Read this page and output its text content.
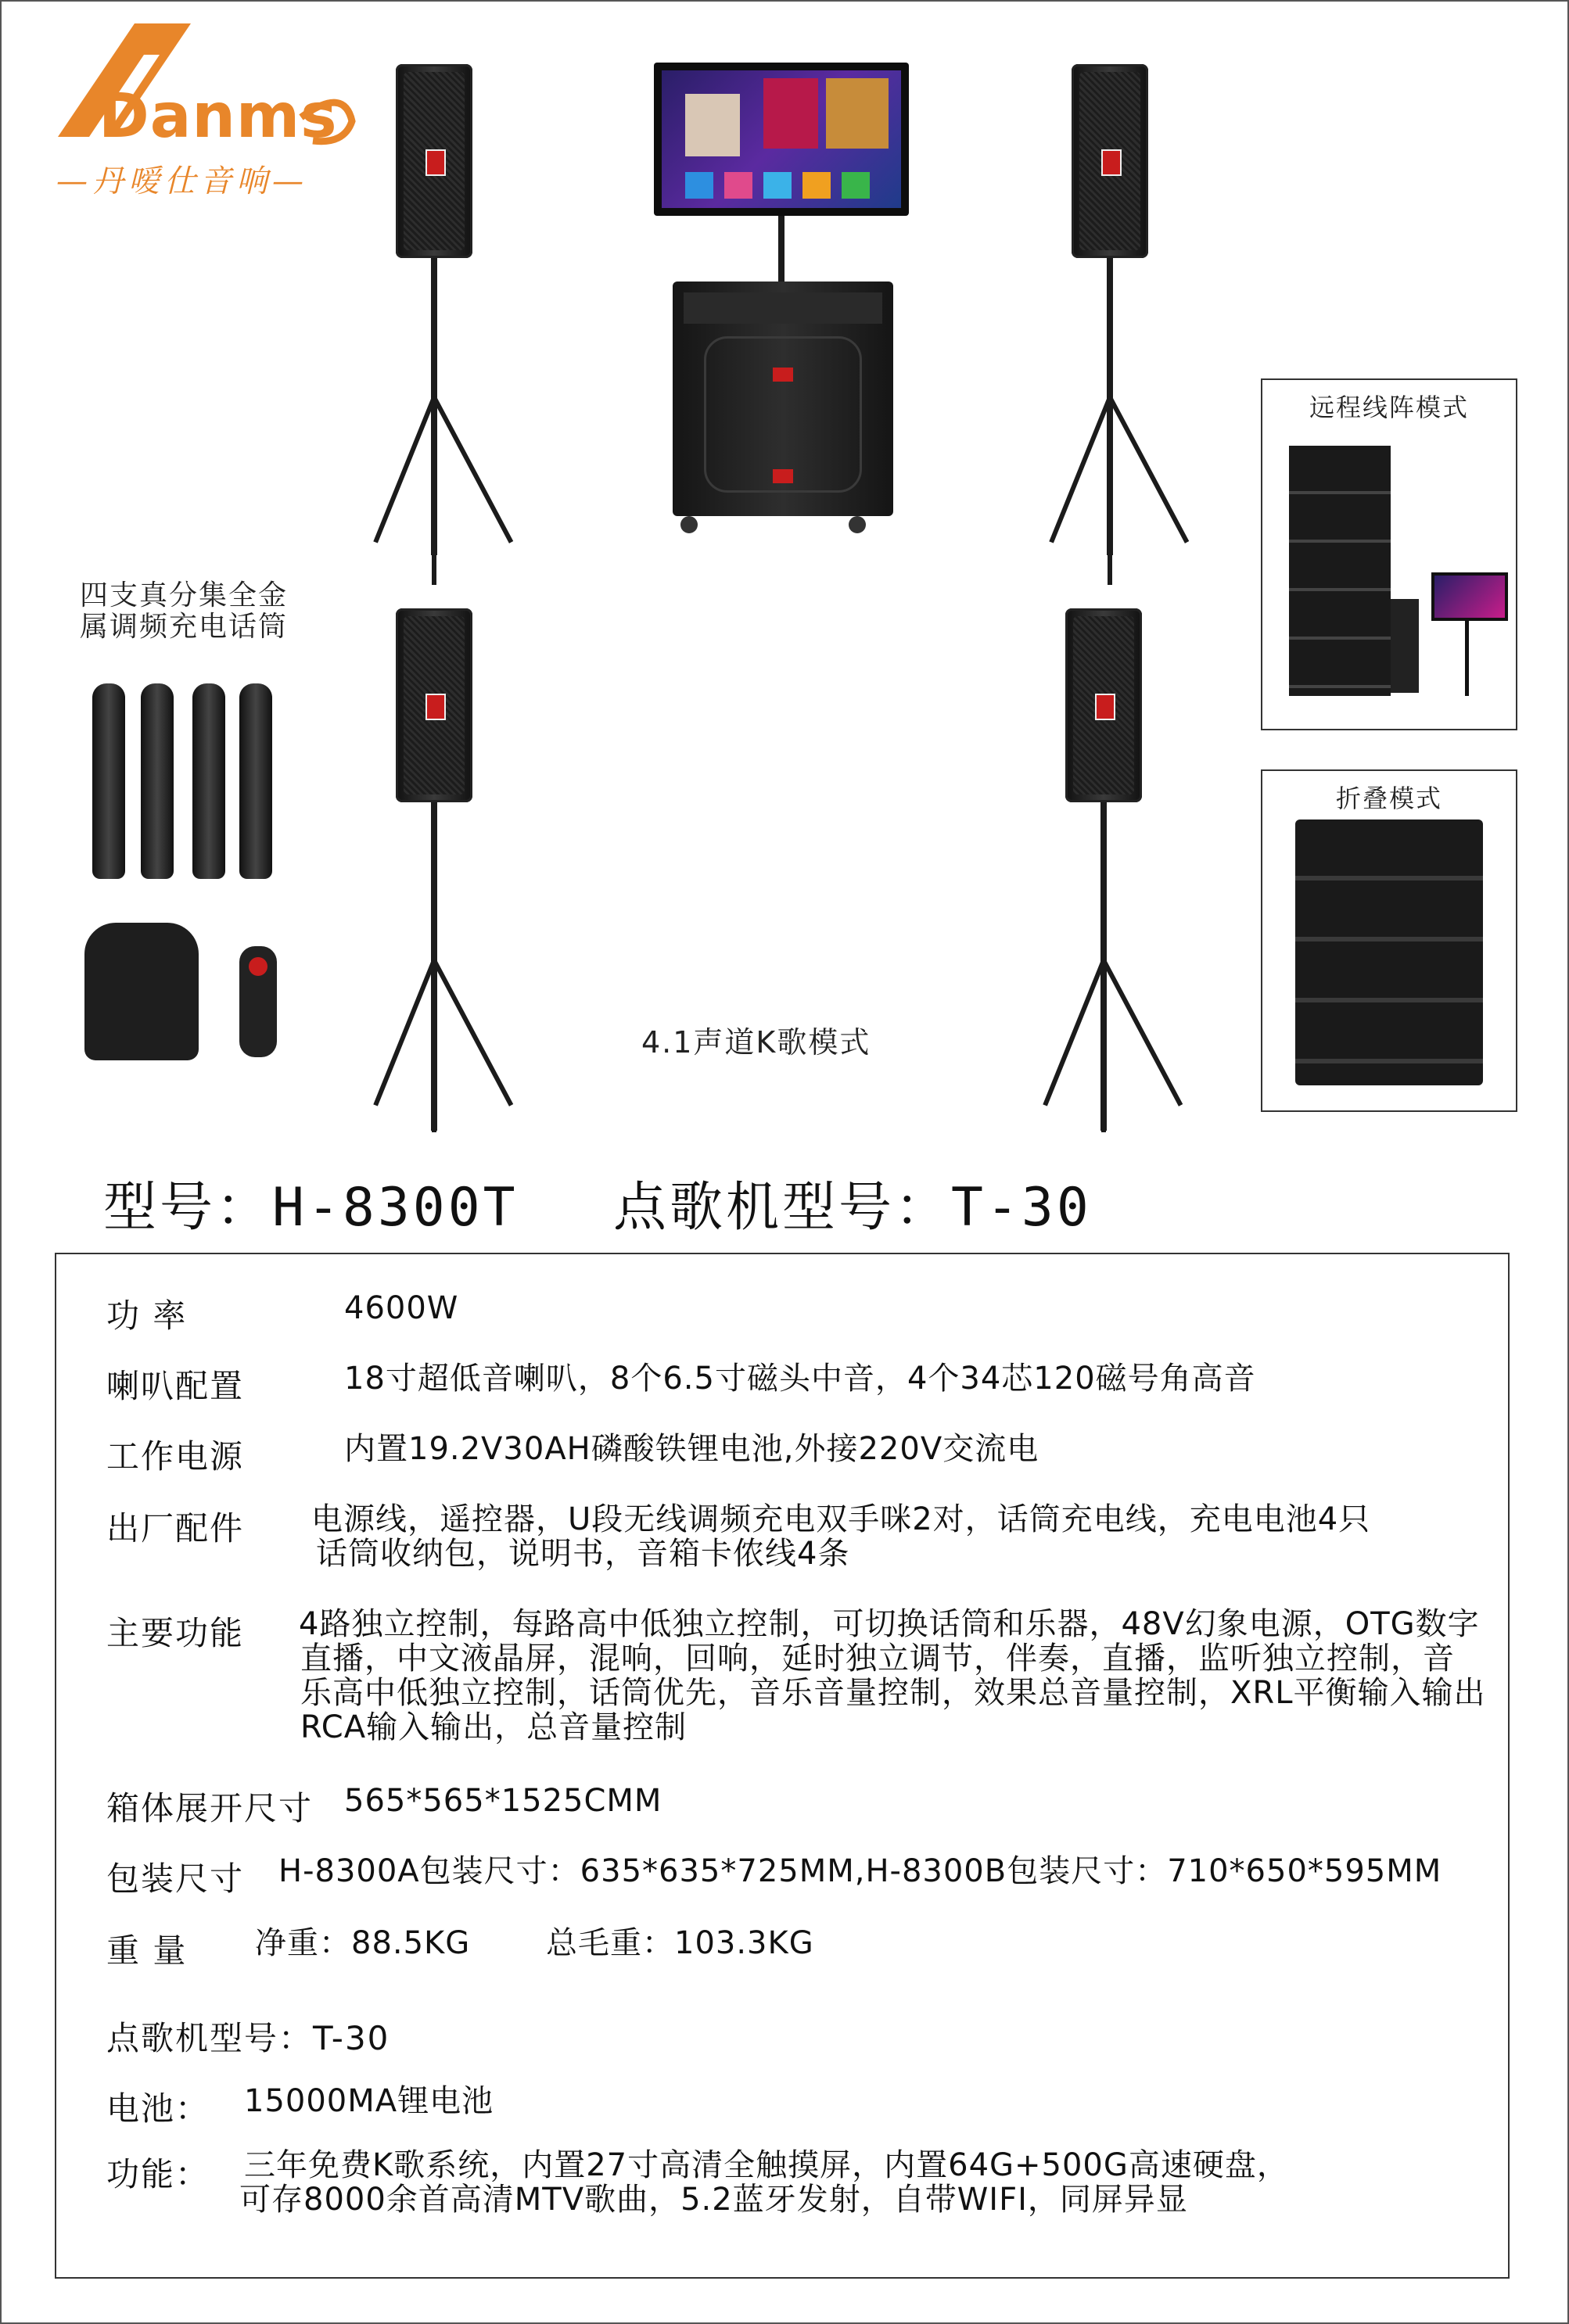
Danms
—丹嗳仕音响—
四支真分集全金属调频充电话筒
4.1声道K歌模式
远程线阵模式
折叠模式
型号：H-8300T 点歌机型号：T-30
功 率	4600W
喇叭配置	18寸超低音喇叭，8个6.5寸磁头中音，4个34芯120磁号角高音
工作电源	内置19.2V30AH磷酸铁锂电池,外接220V交流电
出厂配件 电源线，遥控器，U段无线调频充电双手咪2对，话筒充电线，充电电池4只
话筒收纳包，说明书，音箱卡侬线4条
主要功能 4路独立控制，每路高中低独立控制，可切换话筒和乐器，48V幻象电源，OTG数字
直播，中文液晶屏，混响，回响，延时独立调节，伴奏，直播，监听独立控制，音
乐高中低独立控制，话筒优先，音乐音量控制，效果总音量控制，XRL平衡输入输出
RCA输入输出，总音量控制
箱体展开尺寸 565*565*1525CMM
包装尺寸 H-8300A包装尺寸：635*635*725MM,H-8300B包装尺寸：710*650*595MM
重 量 净重：88.5KG 总毛重：103.3KG
点歌机型号：T-30
电池： 15000MA锂电池
功能： 三年免费K歌系统，内置27寸高清全触摸屏，内置64G+500G高速硬盘，
可存8000余首高清MTV歌曲，5.2蓝牙发射，自带WIFI，同屏异显
